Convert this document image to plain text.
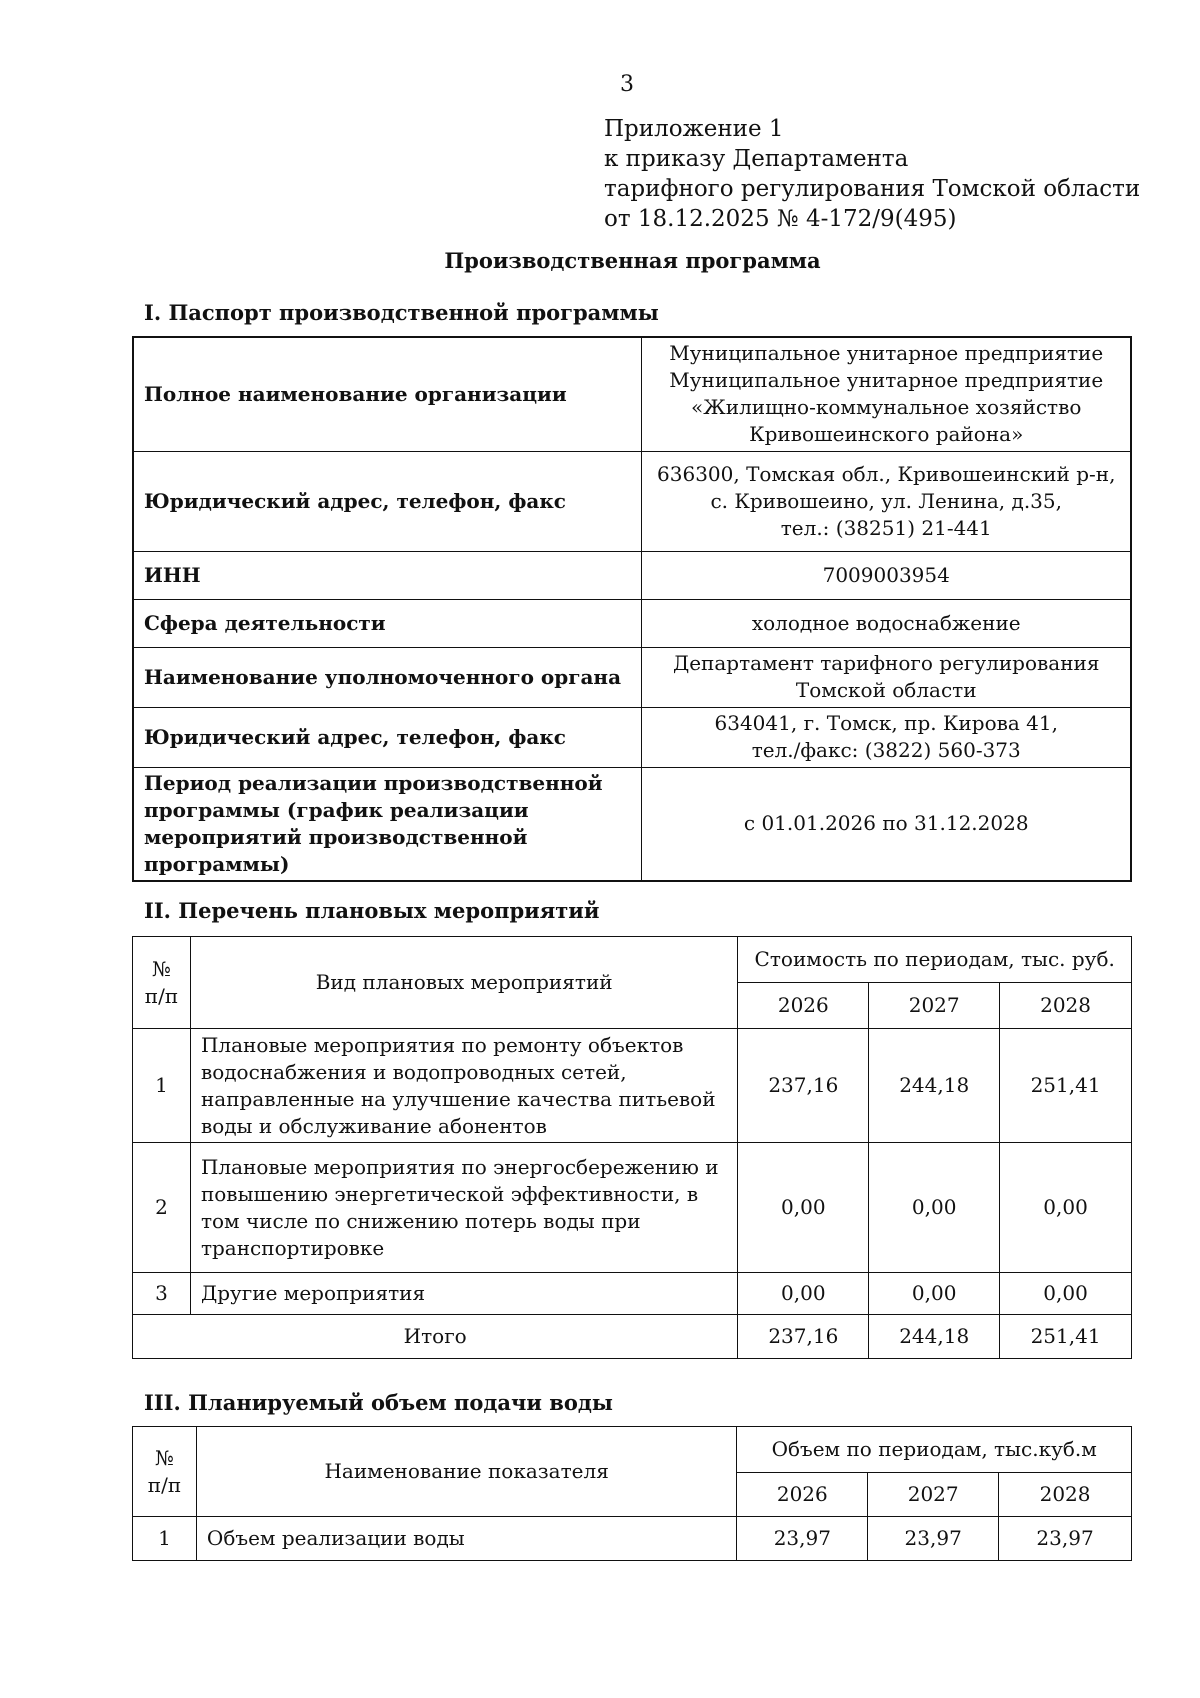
3
Приложение 1
к приказу Департамента
тарифного регулирования Томской области
от 18.12.2025 № 4-172/9(495)
Производственная программа
I. Паспорт производственной программы
Полное наименование организации	Муниципальное унитарное предприятие
Муниципальное унитарное предприятие
«Жилищно-коммунальное хозяйство
Кривошеинского района»

Юридический адрес, телефон, факс	636300, Томская обл., Кривошеинский р-н,
с. Кривошеино, ул. Ленина, д.35,
тел.: (38251) 21-441

ИНН	7009003954

Сфера деятельности	холодное водоснабжение

Наименование уполномоченного органа	Департамент тарифного регулирования
Томской области

Юридический адрес, телефон, факс	634041, г. Томск, пр. Кирова 41,
тел./факс: (3822) 560-373

Период реализации производственной программы (график реализации мероприятий производственной программы)	с 01.01.2026 по 31.12.2028
II. Перечень плановых мероприятий
№ п/п	Вид плановых мероприятий	Стоимость по периодам, тыс. руб.		
		2026	2027	2028
1	Плановые мероприятия по ремонту объектов водоснабжения и водопроводных сетей, направленные на улучшение качества питьевой воды и обслуживание абонентов	237,16	244,18	251,41
2	Плановые мероприятия по энергосбережению и повышению энергетической эффективности, в том числе по снижению потерь воды при транспортировке	0,00	0,00	0,00
3	Другие мероприятия	0,00	0,00	0,00
Итого		237,16	244,18	251,41
III. Планируемый объем подачи воды
№ п/п	Наименование показателя	Объем по периодам, тыс.куб.м		
		2026	2027	2028
1	Объем реализации воды	23,97	23,97	23,97
